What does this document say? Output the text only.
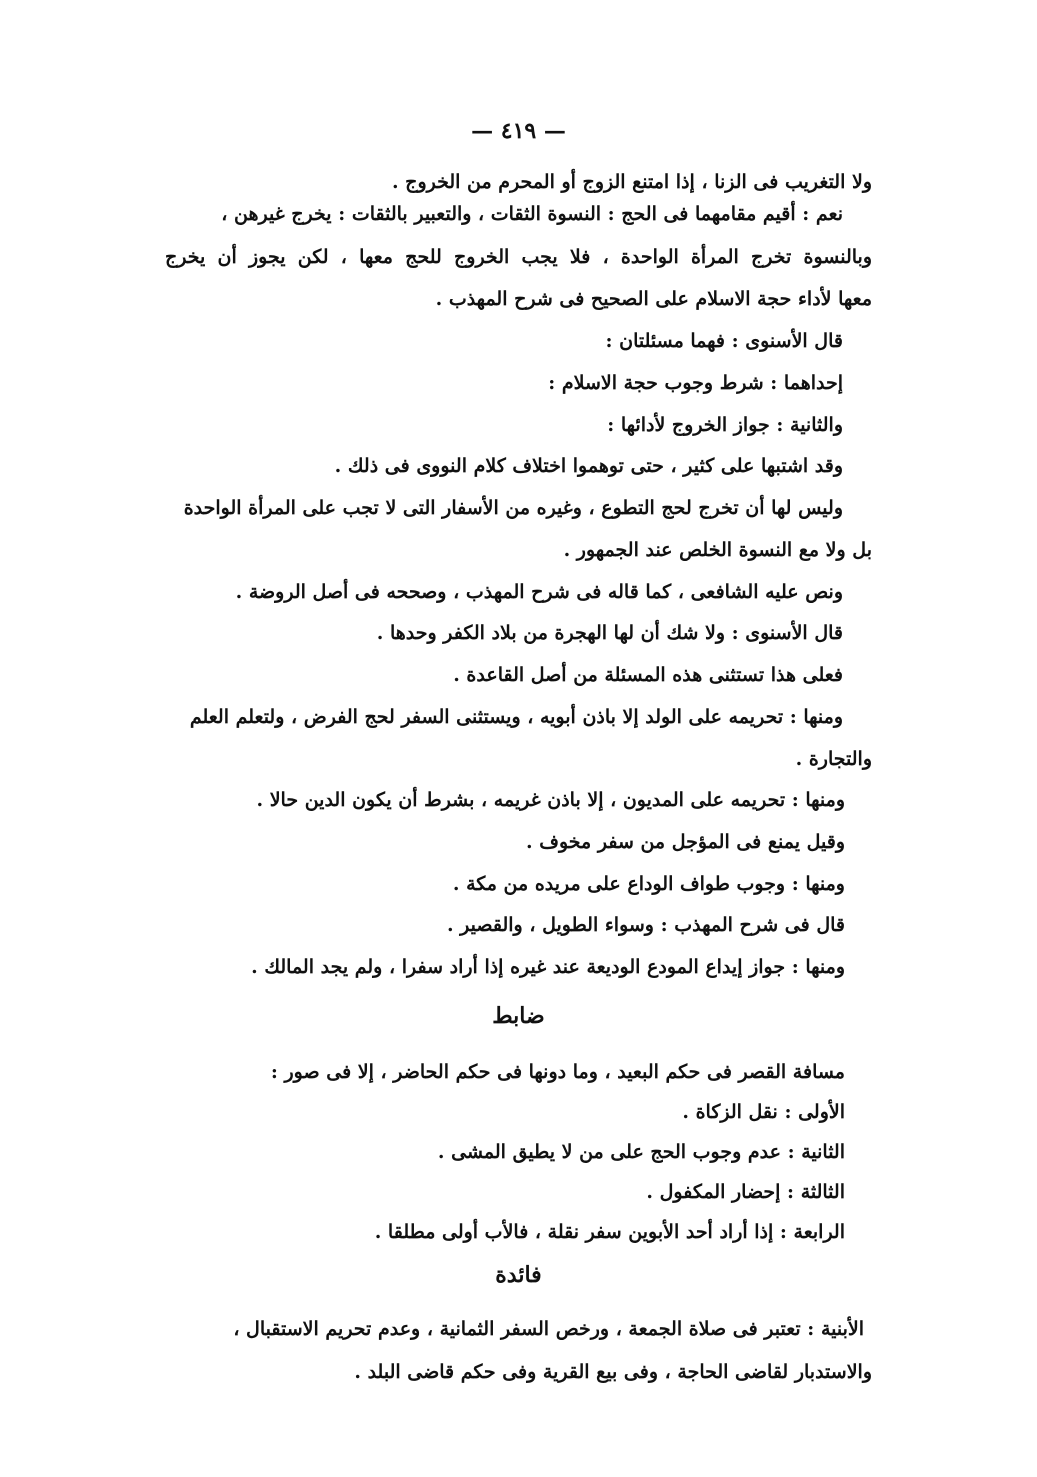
— ٤١٩ —
ولا التغريب فى الزنا ، إذا امتنع الزوج أو المحرم من الخروج .
نعم : أقيم مقامهما فى الحج : النسوة الثقات ، والتعبير بالثقات : يخرج غيرهن ،
وبالنسوة تخرج المرأة الواحدة ، فلا يجب الخروج للحج معها ، لكن يجوز أن يخرج
معها لأداء حجة الاسلام على الصحيح فى شرح المهذب .
قال الأسنوى : فهما مسئلتان :
إحداهما : شرط وجوب حجة الاسلام :
والثانية : جواز الخروج لأدائها :
وقد اشتبها على كثير ، حتى توهموا اختلاف كلام النووى فى ذلك .
وليس لها أن تخرج لحج التطوع ، وغيره من الأسفار التى لا تجب على المرأة الواحدة
بل ولا مع النسوة الخلص عند الجمهور .
ونص عليه الشافعى ، كما قاله فى شرح المهذب ، وصححه فى أصل الروضة .
قال الأسنوى : ولا شك أن لها الهجرة من بلاد الكفر وحدها .
فعلى هذا تستثنى هذه المسئلة من أصل القاعدة .
ومنها : تحريمه على الولد إلا باذن أبويه ، ويستثنى السفر لحج الفرض ، ولتعلم العلم
والتجارة .
ومنها : تحريمه على المديون ، إلا باذن غريمه ، بشرط أن يكون الدين حالا .
وقيل يمنع فى المؤجل من سفر مخوف .
ومنها : وجوب طواف الوداع على مريده من مكة .
قال فى شرح المهذب : وسواء الطويل ، والقصير .
ومنها : جواز إيداع المودع الوديعة عند غيره إذا أراد سفرا ، ولم يجد المالك .
ضابط
مسافة القصر فى حكم البعيد ، وما دونها فى حكم الحاضر ، إلا فى صور :
الأولى : نقل الزكاة .
الثانية : عدم وجوب الحج على من لا يطيق المشى .
الثالثة : إحضار المكفول .
الرابعة : إذا أراد أحد الأبوين سفر نقلة ، فالأب أولى مطلقا .
فائدة
الأبنية : تعتبر فى صلاة الجمعة ، ورخص السفر الثمانية ، وعدم تحريم الاستقبال ،
والاستدبار لقاضى الحاجة ، وفى بيع القرية وفى حكم قاضى البلد .
